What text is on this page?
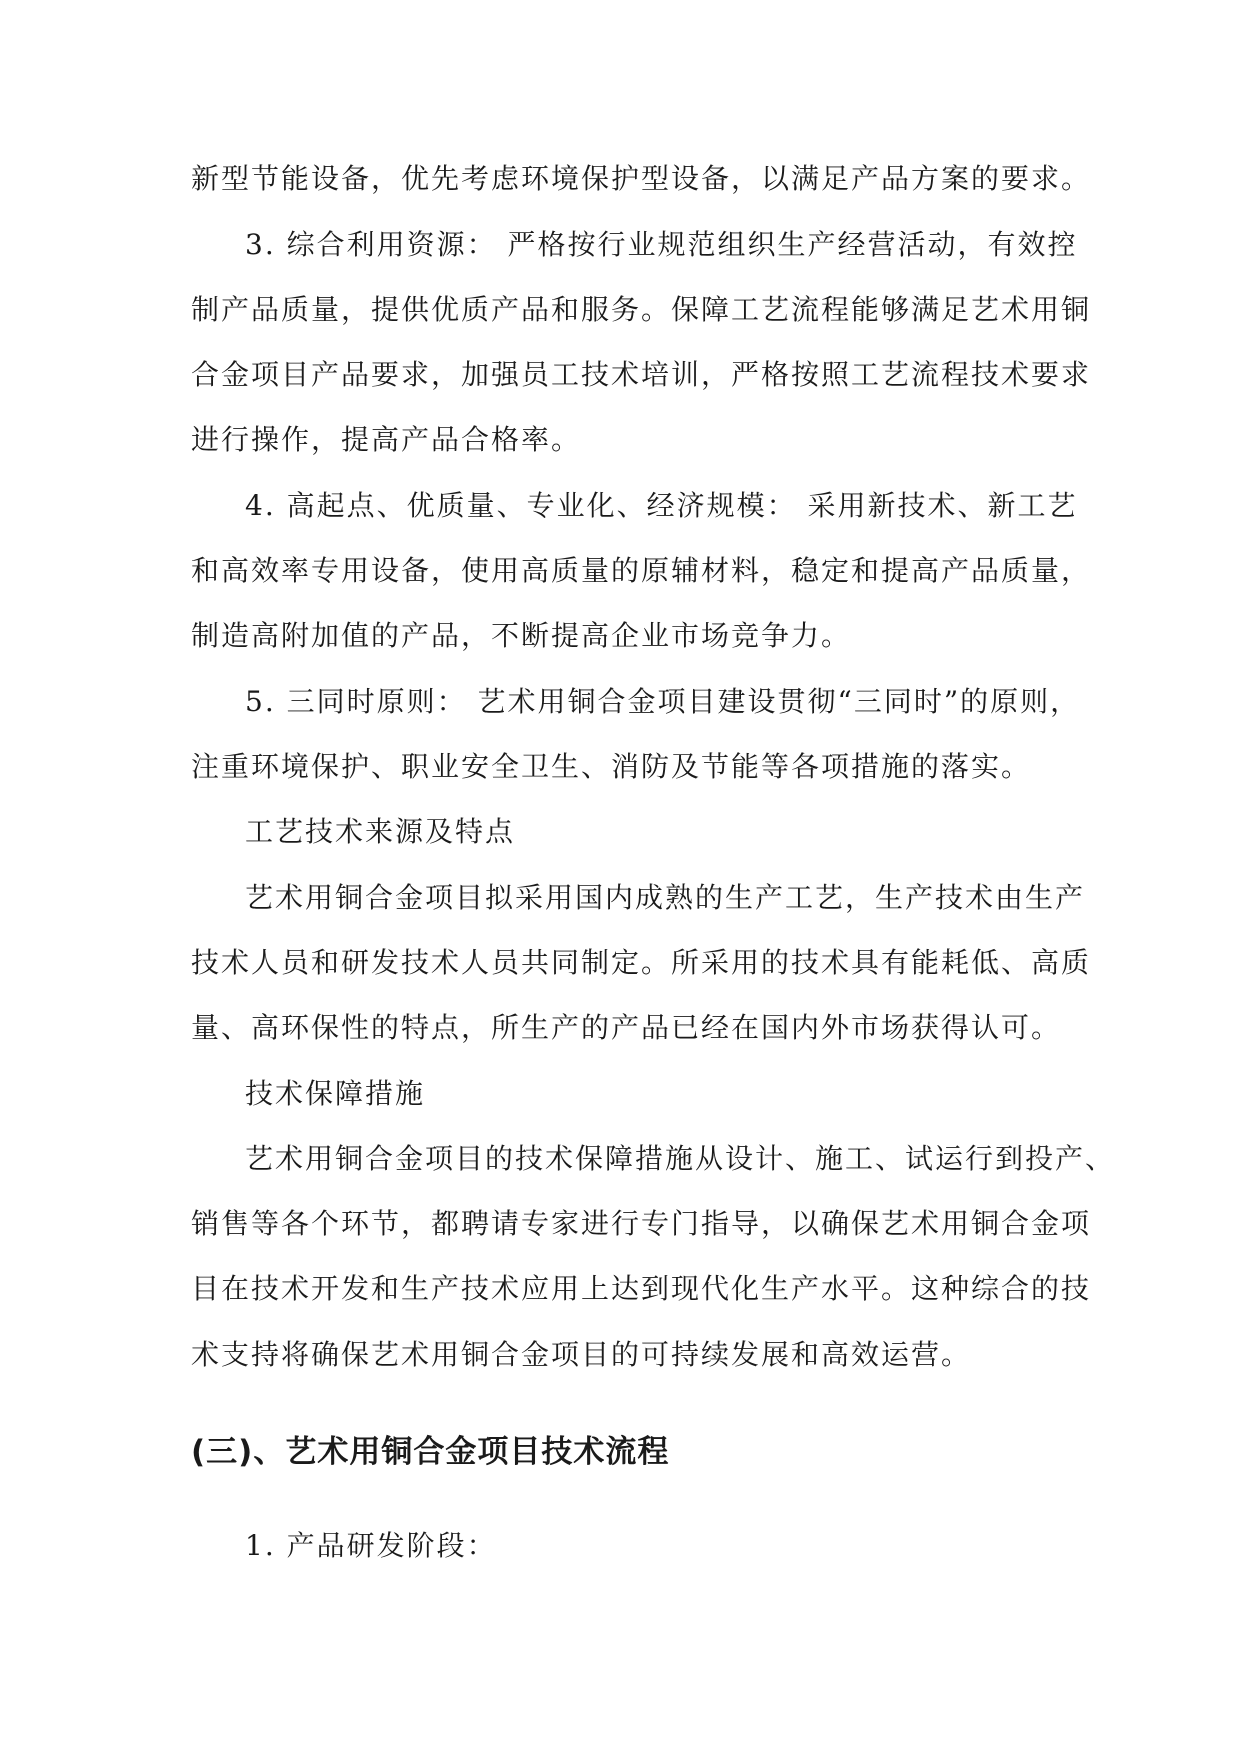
新型节能设备，优先考虑环境保护型设备，以满足产品方案的要求。
3. 综合利用资源： 严格按行业规范组织生产经营活动，有效控
制产品质量，提供优质产品和服务。保障工艺流程能够满足艺术用铜
合金项目产品要求，加强员工技术培训，严格按照工艺流程技术要求
进行操作，提高产品合格率。
4. 高起点、优质量、专业化、经济规模： 采用新技术、新工艺
和高效率专用设备，使用高质量的原辅材料，稳定和提高产品质量，
制造高附加值的产品，不断提高企业市场竞争力。
5. 三同时原则： 艺术用铜合金项目建设贯彻“三同时”的原则，
注重环境保护、职业安全卫生、消防及节能等各项措施的落实。
工艺技术来源及特点
艺术用铜合金项目拟采用国内成熟的生产工艺，生产技术由生产
技术人员和研发技术人员共同制定。所采用的技术具有能耗低、高质
量、高环保性的特点，所生产的产品已经在国内外市场获得认可。
技术保障措施
艺术用铜合金项目的技术保障措施从设计、施工、试运行到投产、
销售等各个环节，都聘请专家进行专门指导，以确保艺术用铜合金项
目在技术开发和生产技术应用上达到现代化生产水平。这种综合的技
术支持将确保艺术用铜合金项目的可持续发展和高效运营。
(三)、艺术用铜合金项目技术流程
1. 产品研发阶段：
